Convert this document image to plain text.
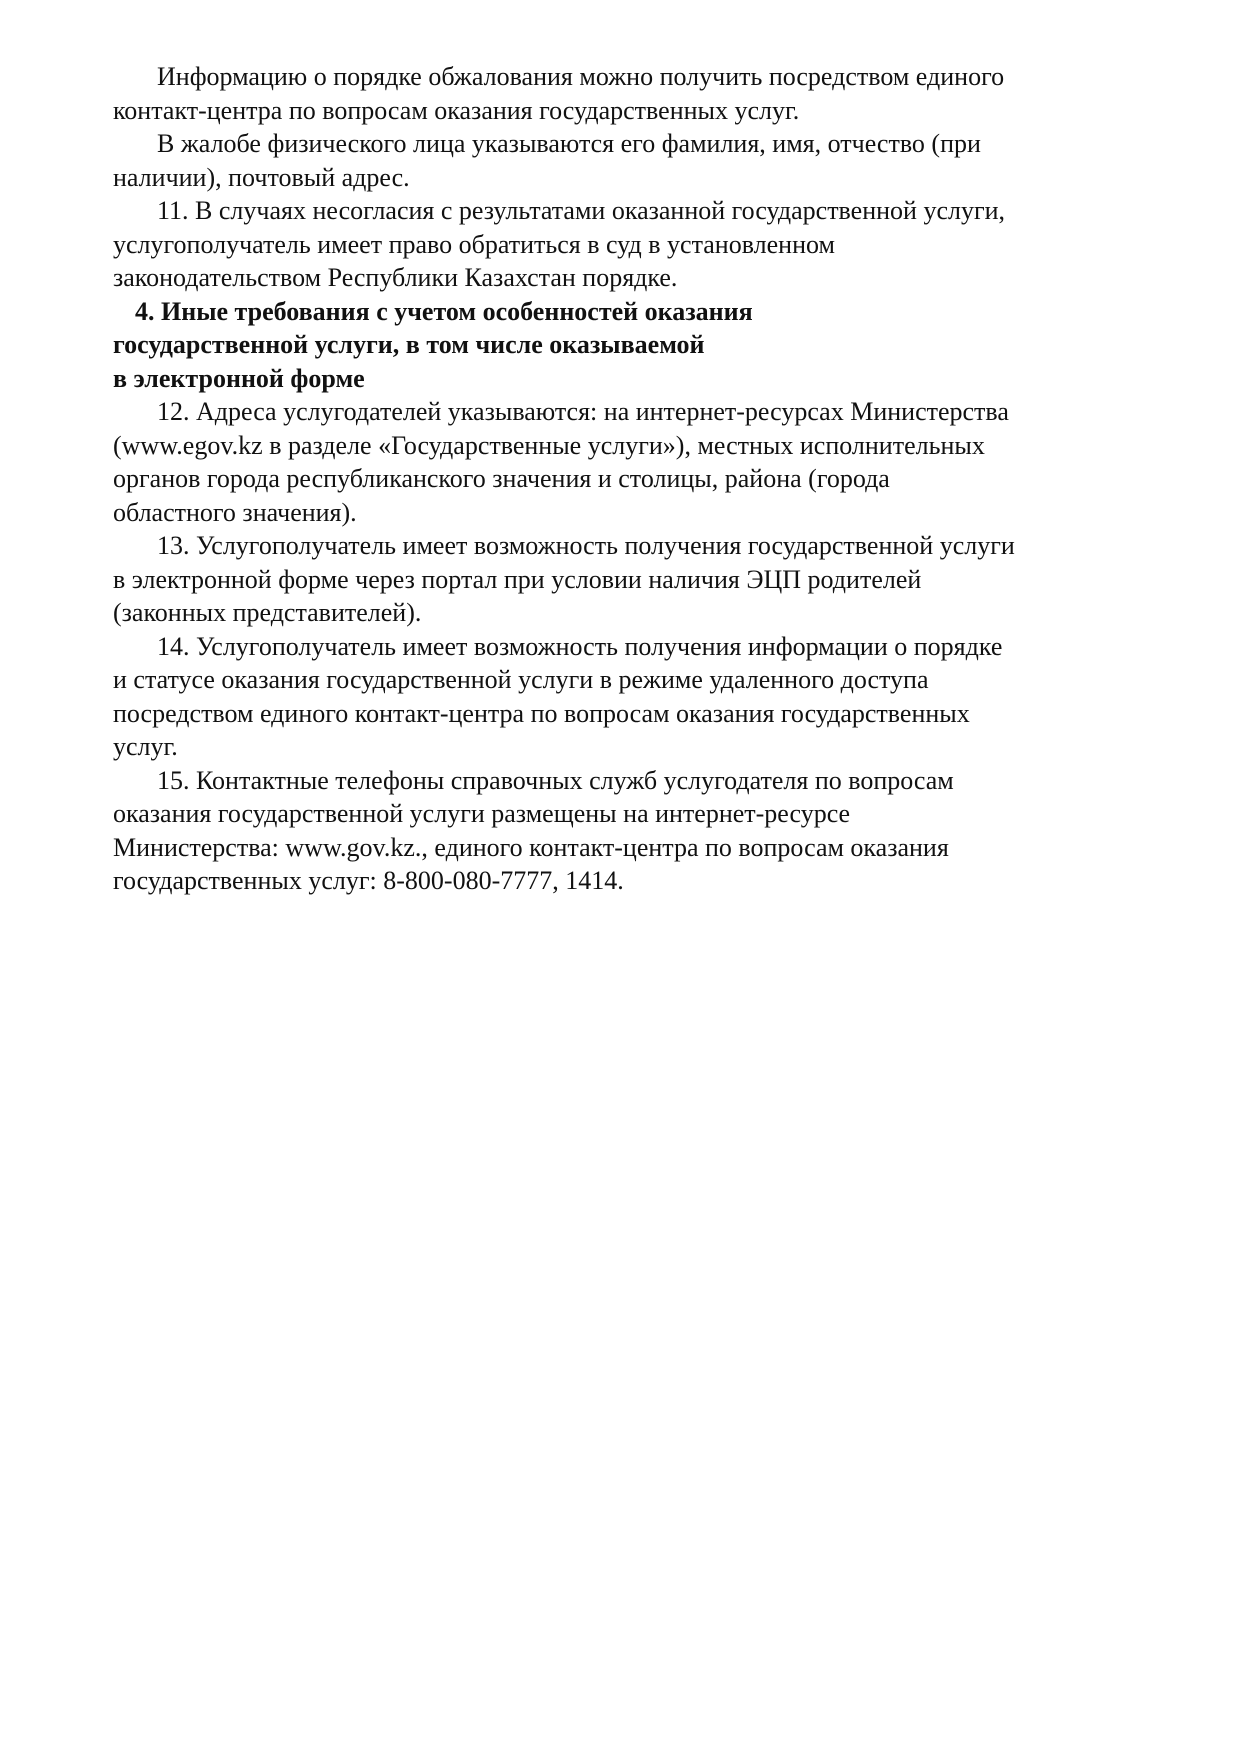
Информацию о порядке обжалования можно получить посредством единого
контакт-центра по вопросам оказания государственных услуг.

В жалобе физического лица указываются его фамилия, имя, отчество (при
наличии), почтовый адрес.

11. В случаях несогласия с результатами оказанной государственной услуги,
услугополучатель имеет право обратиться в суд в установленном
законодательством Республики Казахстан порядке.

4. Иные требования с учетом особенностей оказания
государственной услуги, в том числе оказываемой
в электронной форме

12. Адреса услугодателей указываются: на интернет-ресурсах Министерства
(www.egov.kz в разделе «Государственные услуги»), местных исполнительных
органов города республиканского значения и столицы, района (города
областного значения).

13. Услугополучатель имеет возможность получения государственной услуги
в электронной форме через портал при условии наличия ЭЦП родителей
(законных представителей).

14. Услугополучатель имеет возможность получения информации о порядке
и статусе оказания государственной услуги в режиме удаленного доступа
посредством единого контакт-центра по вопросам оказания государственных
услуг.

15. Контактные телефоны справочных служб услугодателя по вопросам
оказания государственной услуги размещены на интернет-ресурсе
Министерства: www.gov.kz., единого контакт-центра по вопросам оказания
государственных услуг: 8-800-080-7777, 1414.
